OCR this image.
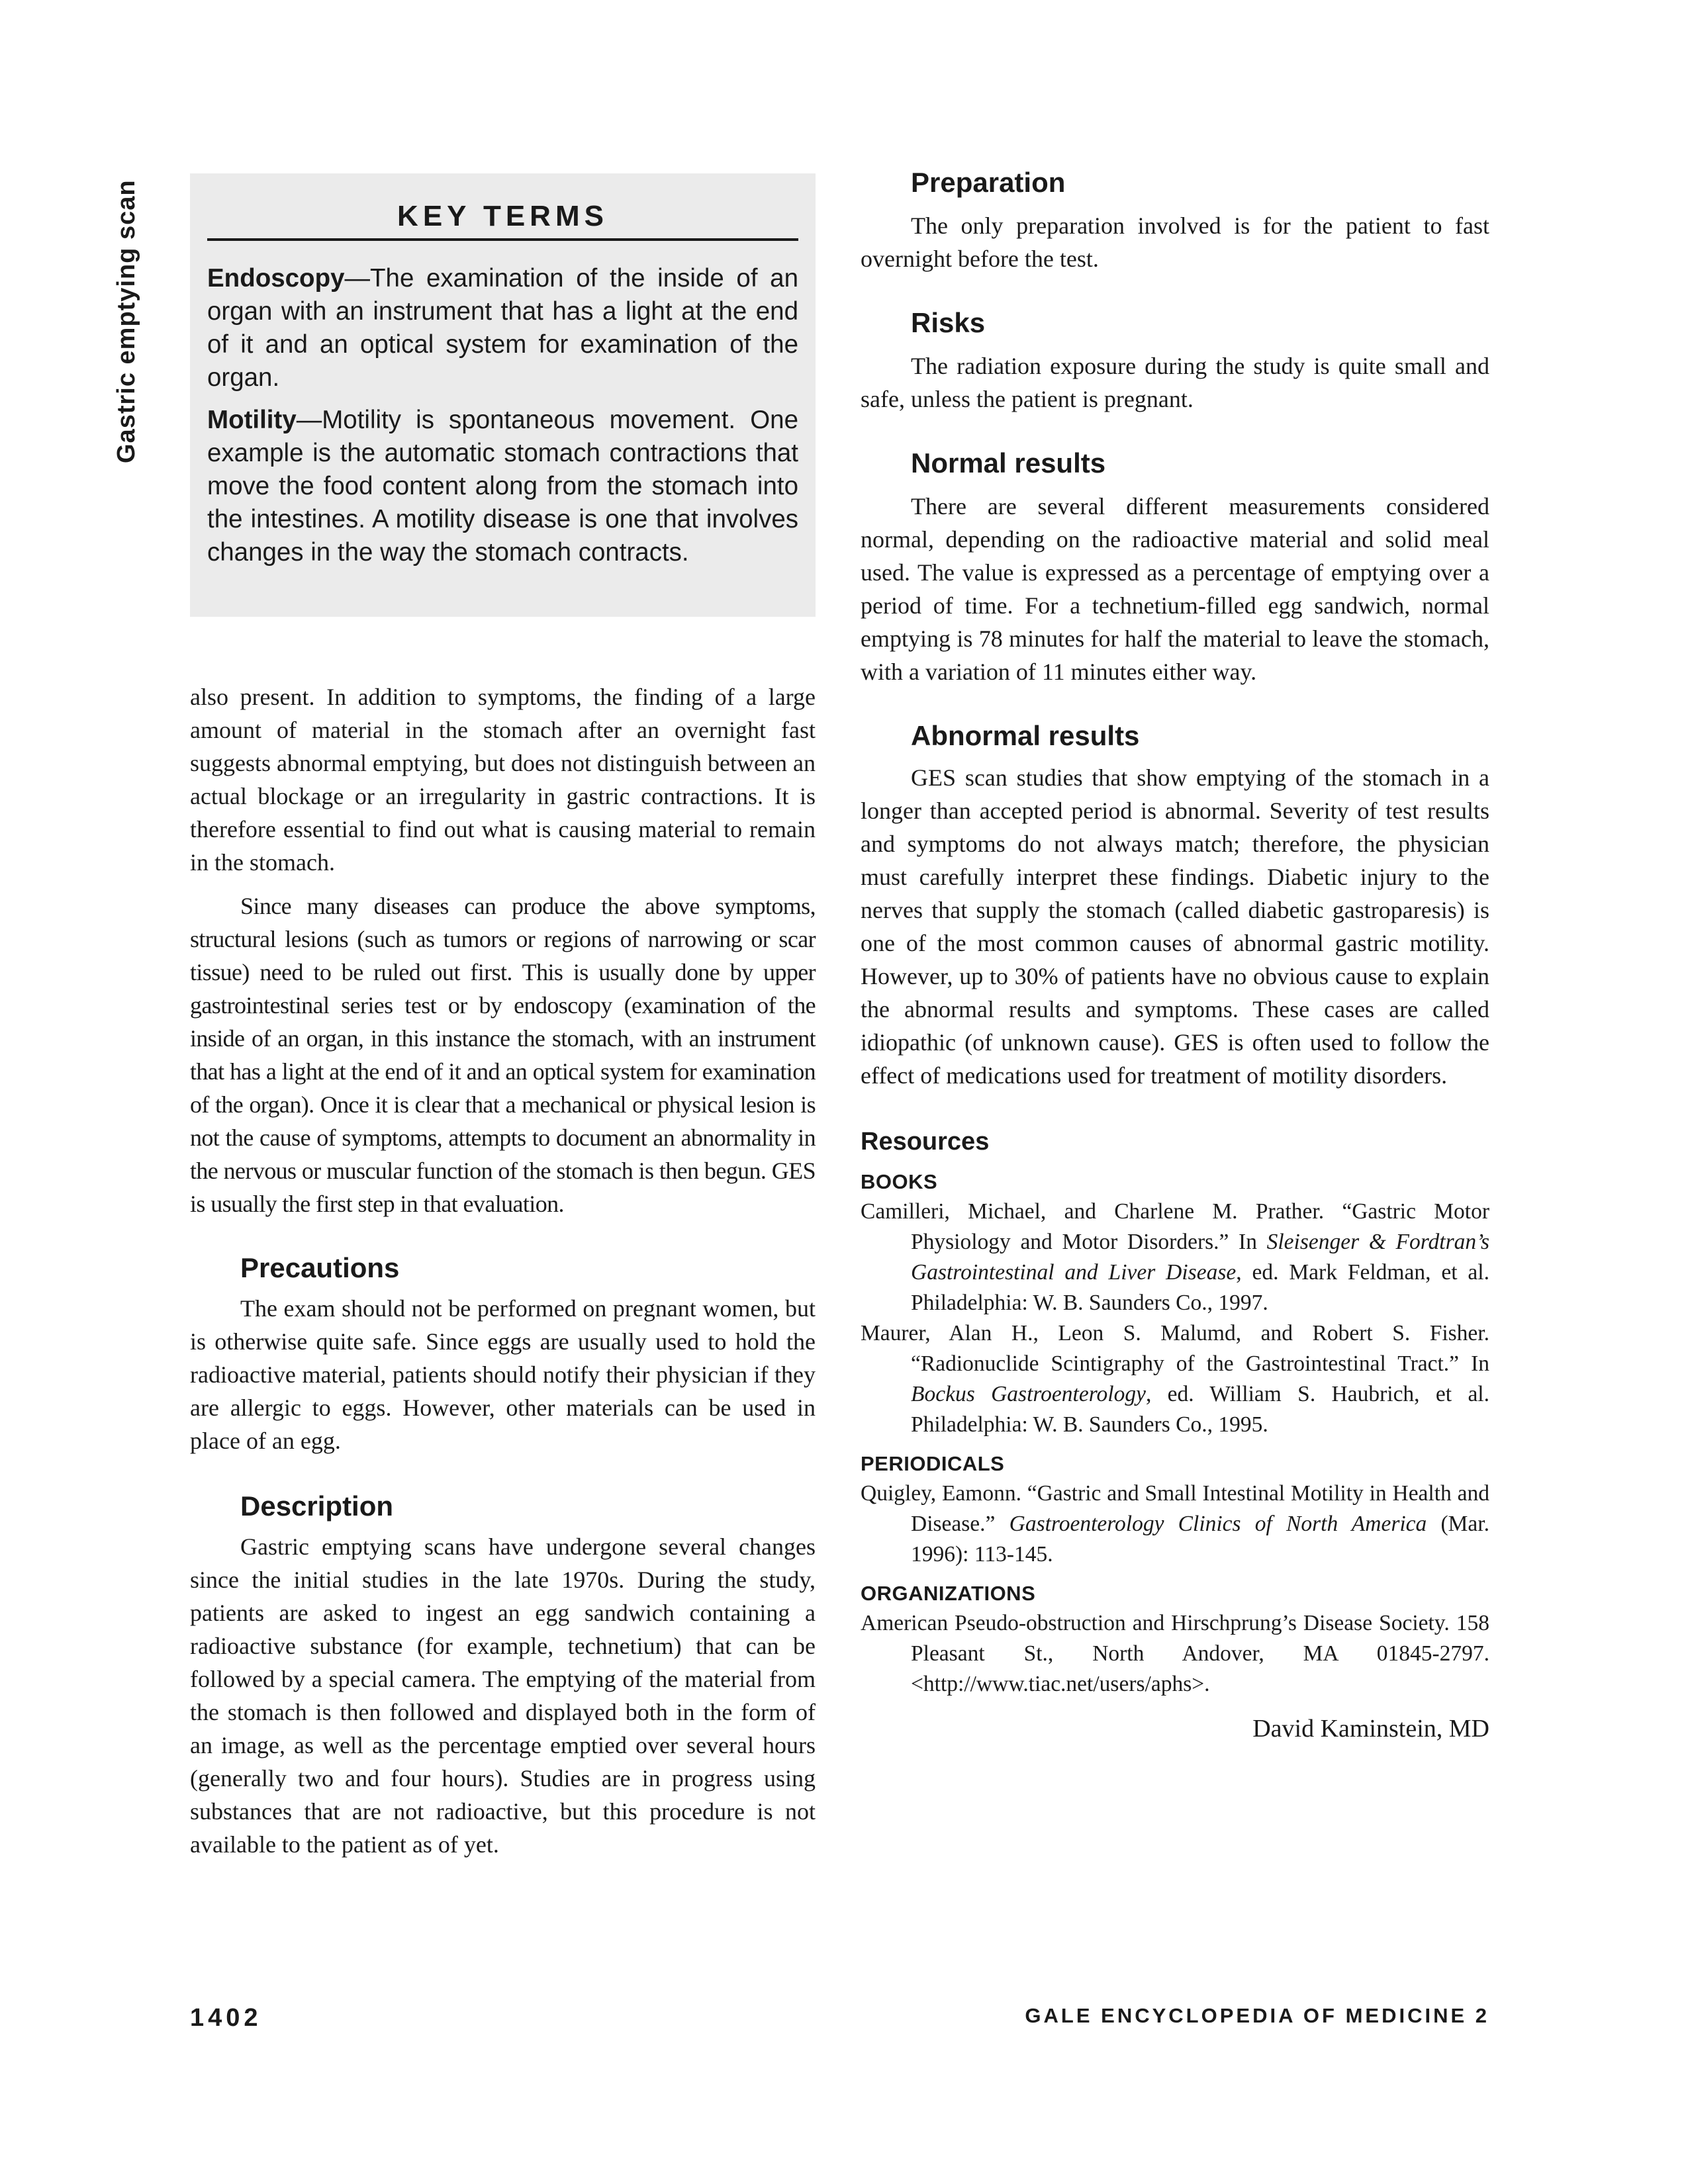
Gastric emptying scan	KEY TERMS

Endoscopy—The examination of the inside of an organ with an instrument that has a light at the end of it and an optical system for examination of the organ.

Motility—Motility is spontaneous movement. One example is the automatic stomach contractions that move the food content along from the stomach into the intestines. A motility disease is one that involves changes in the way the stomach contracts.

also present. In addition to symptoms, the finding of a large amount of material in the stomach after an overnight fast suggests abnormal emptying, but does not distinguish between an actual blockage or an irregularity in gastric contractions. It is therefore essential to find out what is causing material to remain in the stomach.

Since many diseases can produce the above symptoms, structural lesions (such as tumors or regions of narrowing or scar tissue) need to be ruled out first. This is usually done by upper gastrointestinal series test or by endoscopy (examination of the inside of an organ, in this instance the stomach, with an instrument that has a light at the end of it and an optical system for examination of the organ). Once it is clear that a mechanical or physical lesion is not the cause of symptoms, attempts to document an abnormality in the nervous or muscular function of the stomach is then begun. GES is usually the first step in that evaluation.

Precautions

The exam should not be performed on pregnant women, but is otherwise quite safe. Since eggs are usually used to hold the radioactive material, patients should notify their physician if they are allergic to eggs. However, other materials can be used in place of an egg.

Description

Gastric emptying scans have undergone several changes since the initial studies in the late 1970s. During the study, patients are asked to ingest an egg sandwich containing a radioactive substance (for example, technetium) that can be followed by a special camera. The emptying of the material from the stomach is then followed and displayed both in the form of an image, as well as the percentage emptied over several hours (generally two and four hours). Studies are in progress using substances that are not radioactive, but this procedure is not available to the patient as of yet.

Preparation

The only preparation involved is for the patient to fast overnight before the test.

Risks

The radiation exposure during the study is quite small and safe, unless the patient is pregnant.

Normal results

There are several different measurements considered normal, depending on the radioactive material and solid meal used. The value is expressed as a percentage of emptying over a period of time. For a technetium-filled egg sandwich, normal emptying is 78 minutes for half the material to leave the stomach, with a variation of 11 minutes either way.

Abnormal results

GES scan studies that show emptying of the stomach in a longer than accepted period is abnormal. Severity of test results and symptoms do not always match; therefore, the physician must carefully interpret these findings. Diabetic injury to the nerves that supply the stomach (called diabetic gastroparesis) is one of the most common causes of abnormal gastric motility. However, up to 30% of patients have no obvious cause to explain the abnormal results and symptoms. These cases are called idiopathic (of unknown cause). GES is often used to follow the effect of medications used for treatment of motility disorders.

Resources
BOOKS

Camilleri, Michael, and Charlene M. Prather. “Gastric Motor Physiology and Motor Disorders.” In Sleisenger & Fordtran’s Gastrointestinal and Liver Disease, ed. Mark Feldman, et al. Philadelphia: W. B. Saunders Co., 1997.

Maurer, Alan H., Leon S. Malumd, and Robert S. Fisher. “Radionuclide Scintigraphy of the Gastrointestinal Tract.” In Bockus Gastroenterology, ed. William S. Haubrich, et al. Philadelphia: W. B. Saunders Co., 1995.

PERIODICALS

Quigley, Eamonn. “Gastric and Small Intestinal Motility in Health and Disease.” Gastroenterology Clinics of North America (Mar. 1996): 113-145.

ORGANIZATIONS

American Pseudo-obstruction and Hirschprung’s Disease Society. 158 Pleasant St., North Andover, MA 01845-2797. <http://www.tiac.net/users/aphs>.

David Kaminstein, MD
1402	GALE ENCYCLOPEDIA OF MEDICINE 2
